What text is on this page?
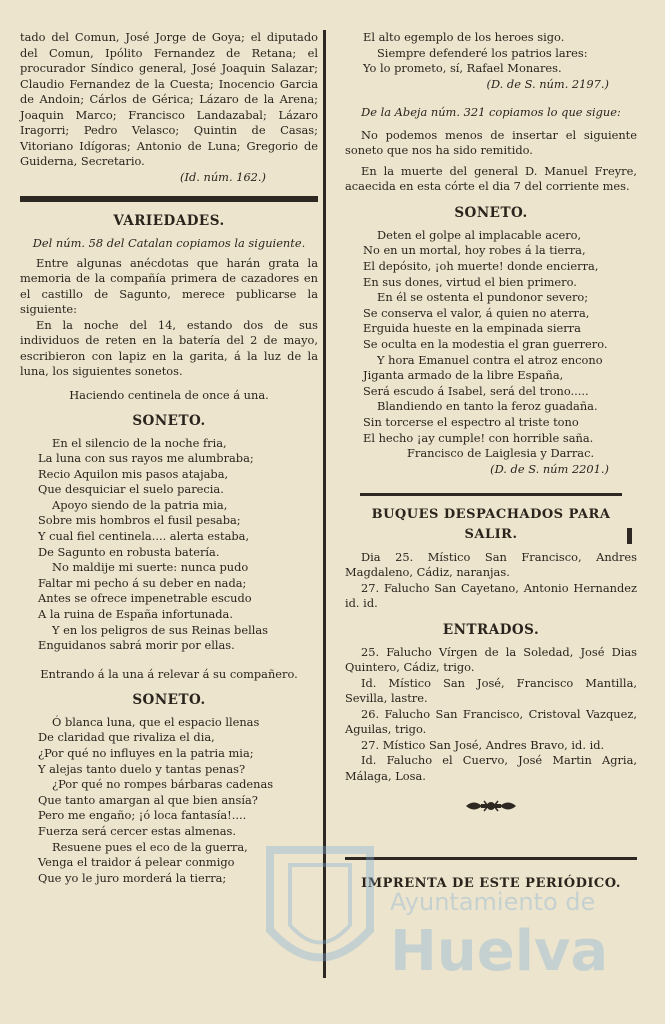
tado del Comun, José Jorge de Goya; el diputado del Comun, Ipólito Fernandez de Retana; el procurador Síndico general, José Joaquin Salazar; Claudio Fernandez de la Cuesta; Inocencio Garcia de Andoin; Cárlos de Gérica; Lázaro de la Arena; Joaquin Marco; Francisco Landazabal; Lázaro Iragorri; Pedro Velasco; Quintin de Casas; Vitoriano Idígoras; Antonio de Luna; Gregorio de Guiderna, Secretario.

(Id. núm. 162.)

VARIEDADES.

Del núm. 58 del Catalan copiamos la siguiente.

Entre algunas anécdotas que harán grata la memoria de la compañía primera de cazadores en el castillo de Sagunto, merece publicarse la siguiente:

En la noche del 14, estando dos de sus individuos de reten en la batería del 2 de mayo, escribieron con lapiz en la garita, á la luz de la luna, los siguientes sonetos.

Haciendo centinela de once á una.

SONETO.
En el silencio de la noche fria,
La luna con sus rayos me alumbraba;
Recio Aquilon mis pasos atajaba,
Que desquiciar el suelo parecia.
Apoyo siendo de la patria mia,
Sobre mis hombros el fusil pesaba;
Y cual fiel centinela.... alerta estaba,
De Sagunto en robusta batería.
No maldije mi suerte: nunca pudo
Faltar mi pecho á su deber en nada;
Antes se ofrece impenetrable escudo
A la ruina de España infortunada.
Y en los peligros de sus Reinas bellas
Enguidanos sabrá morir por ellas.

Entrando á la una á relevar á su compañero.

SONETO.
Ó blanca luna, que el espacio llenas
De claridad que rivaliza el dia,
¿Por qué no influyes en la patria mia;
Y alejas tanto duelo y tantas penas?
¿Por qué no rompes bárbaras cadenas
Que tanto amargan al que bien ansía?
Pero me engaño; ¡ó loca fantasía!....
Fuerza será cercer estas almenas.
Resuene pues el eco de la guerra,
Venga el traidor á pelear conmigo
Que yo le juro morderá la tierra;
El alto egemplo de los heroes sigo.
Siempre defenderé los patrios lares:
Yo lo prometo, sí, Rafael Monares.

(D. de S. núm. 2197.)

De la Abeja núm. 321 copiamos lo que sigue:

No podemos menos de insertar el siguiente soneto que nos ha sido remitido.

En la muerte del general D. Manuel Freyre, acaecida en esta córte el dia 7 del corriente mes.

SONETO.
Deten el golpe al implacable acero,
No en un mortal, hoy robes á la tierra,
El depósito, ¡oh muerte! donde encierra,
En sus dones, virtud el bien primero.
En él se ostenta el pundonor severo;
Se conserva el valor, á quien no aterra,
Erguida hueste en la empinada sierra
Se oculta en la modestia el gran guerrero.
Y hora Emanuel contra el atroz encono
Jiganta armado de la libre España,
Será escudo á Isabel, será del trono.....
Blandiendo en tanto la feroz guadaña.
Sin torcerse el espectro al triste tono
El hecho ¡ay cumple! con horrible saña.
Francisco de Laiglesia y Darrac.

(D. de S. núm 2201.)

BUQUES DESPACHADOS PARA SALIR.

Dia 25. Místico San Francisco, Andres Magdaleno, Cádiz, naranjas.

27. Falucho San Cayetano, Antonio Hernandez id. id.

ENTRADOS.

25. Falucho Vírgen de la Soledad, José Dias Quintero, Cádiz, trigo.

Id. Místico San José, Francisco Mantilla, Sevilla, lastre.

26. Falucho San Francisco, Cristoval Vazquez, Aguilas, trigo.

27. Místico San José, Andres Bravo, id. id.

Id. Falucho el Cuervo, José Martin Agria, Málaga, Losa.

IMPRENTA DE ESTE PERIÓDICO.
Ayuntamiento de
Huelva
